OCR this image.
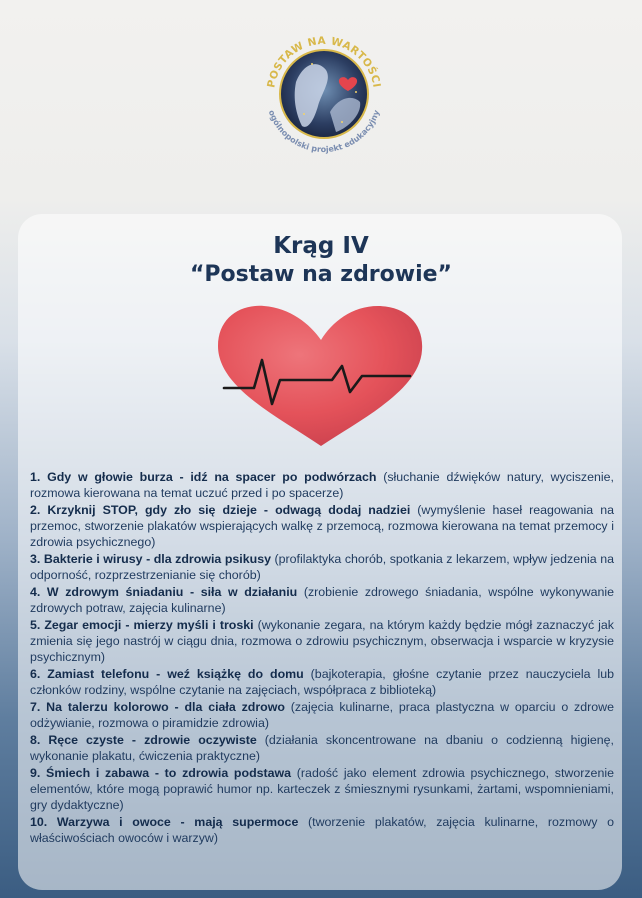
POSTAW NA WARTOŚCI
ogólnopolski projekt edukacyjny
Krąg IV
“Postaw na zdrowie”
1. Gdy w głowie burza - idź na spacer po podwórzach (słuchanie dźwięków natury, wyciszenie, rozmowa kierowana na temat uczuć przed i po spacerze)
2. Krzyknij STOP, gdy zło się dzieje - odwagą dodaj nadziei (wymyślenie haseł reagowania na przemoc, stworzenie plakatów wspierających walkę z przemocą, rozmowa kierowana na temat przemocy i zdrowia psychicznego)
3. Bakterie i wirusy - dla zdrowia psikusy (profilaktyka chorób, spotkania z lekarzem, wpływ jedzenia na odporność, rozprzestrzenianie się chorób)
4. W zdrowym śniadaniu - siła w działaniu (zrobienie zdrowego śniadania, wspólne wykonywanie zdrowych potraw, zajęcia kulinarne)
5. Zegar emocji - mierzy myśli i troski (wykonanie zegara, na którym każdy będzie mógł zaznaczyć jak zmienia się jego nastrój w ciągu dnia, rozmowa o zdrowiu psychicznym, obserwacja i wsparcie w kryzysie psychicznym)
6. Zamiast telefonu - weź książkę do domu (bajkoterapia, głośne czytanie przez nauczyciela lub członków rodziny, wspólne czytanie na zajęciach, współpraca z biblioteką)
7. Na talerzu kolorowo - dla ciała zdrowo (zajęcia kulinarne, praca plastyczna w oparciu o zdrowe odżywianie, rozmowa o piramidzie zdrowia)
8. Ręce czyste - zdrowie oczywiste (działania skoncentrowane na dbaniu o codzienną higienę, wykonanie plakatu, ćwiczenia praktyczne)
9. Śmiech i zabawa - to zdrowia podstawa (radość jako element zdrowia psychicznego, stworzenie elementów, które mogą poprawić humor np. karteczek z śmiesznymi rysunkami, żartami, wspomnieniami, gry dydaktyczne)
10. Warzywa i owoce - mają supermoce (tworzenie plakatów, zajęcia kulinarne, rozmowy o właściwościach owoców i warzyw)
